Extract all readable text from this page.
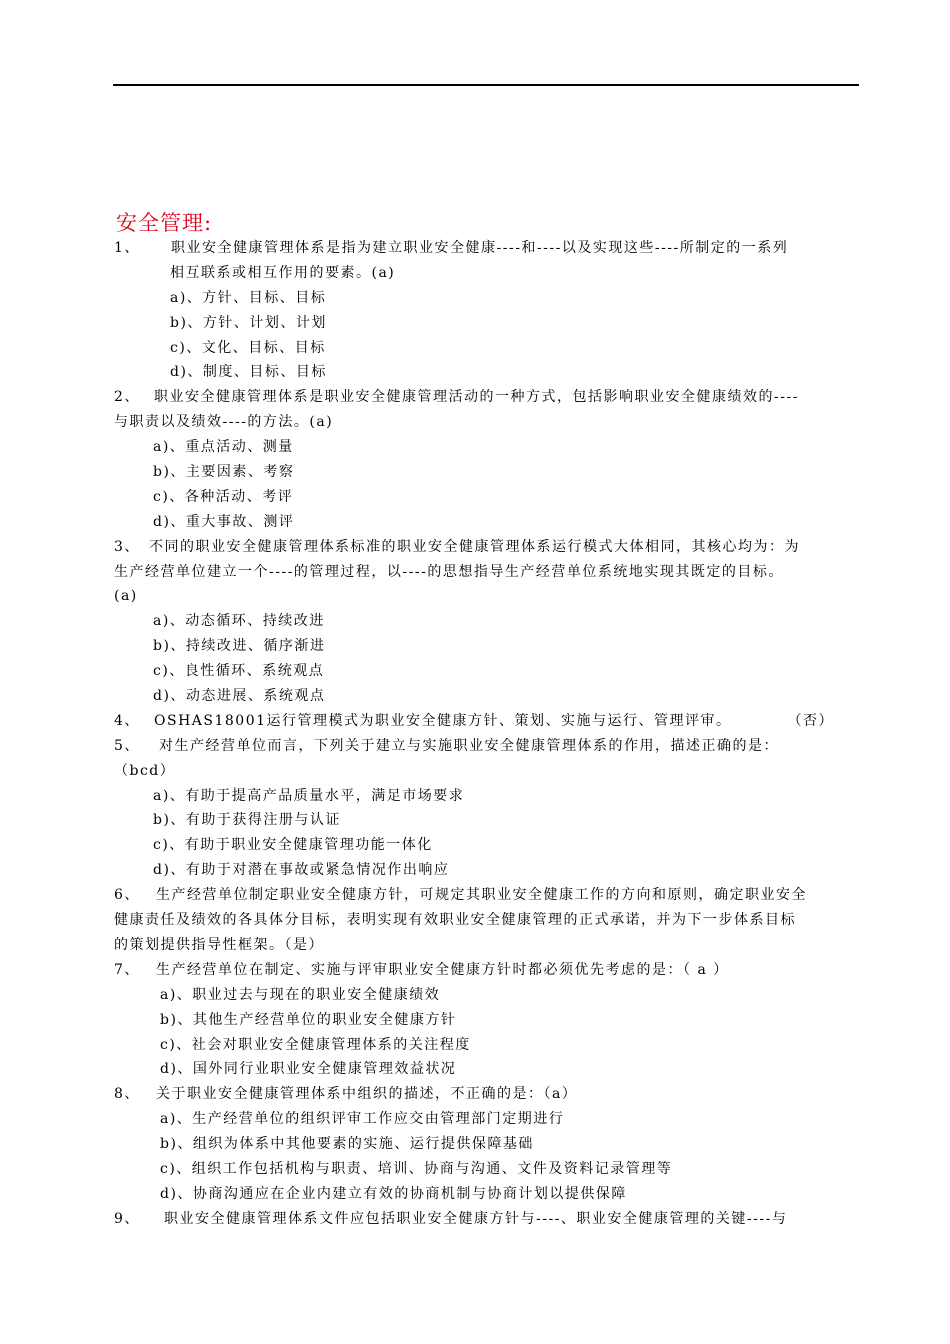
安全管理:
1、 职业安全健康管理体系是指为建立职业安全健康----和----以及实现这些----所制定的一系列
相互联系或相互作用的要素。(a)
a)、方针、目标、目标
b)、方针、计划、计划
c)、文化、目标、目标
d)、制度、目标、目标
2、 职业安全健康管理体系是职业安全健康管理活动的一种方式，包括影响职业安全健康绩效的----
与职责以及绩效----的方法。(a)
a)、重点活动、测量
b)、主要因素、考察
c)、各种活动、考评
d)、重大事故、测评
3、 不同的职业安全健康管理体系标准的职业安全健康管理体系运行模式大体相同，其核心均为：为
生产经营单位建立一个----的管理过程，以----的思想指导生产经营单位系统地实现其既定的目标。
(a)
a)、动态循环、持续改进
b)、持续改进、循序渐进
c)、良性循环、系统观点
d)、动态进展、系统观点
4、 OSHAS18001运行管理模式为职业安全健康方针、策划、实施与运行、管理评审。	（否）
5、 对生产经营单位而言，下列关于建立与实施职业安全健康管理体系的作用，描述正确的是：
（bcd）
a)、有助于提高产品质量水平，满足市场要求
b)、有助于获得注册与认证
c)、有助于职业安全健康管理功能一体化
d)、有助于对潜在事故或紧急情况作出响应
6、 生产经营单位制定职业安全健康方针，可规定其职业安全健康工作的方向和原则，确定职业安全
健康责任及绩效的各具体分目标，表明实现有效职业安全健康管理的正式承诺，并为下一步体系目标
的策划提供指导性框架。（是）
7、 生产经营单位在制定、实施与评审职业安全健康方针时都必须优先考虑的是：（ a ）
a)、职业过去与现在的职业安全健康绩效
b)、其他生产经营单位的职业安全健康方针
c)、社会对职业安全健康管理体系的关注程度
d)、国外同行业职业安全健康管理效益状况
8、 关于职业安全健康管理体系中组织的描述，不正确的是：（a）
a)、生产经营单位的组织评审工作应交由管理部门定期进行
b)、组织为体系中其他要素的实施、运行提供保障基础
c)、组织工作包括机构与职责、培训、协商与沟通、文件及资料记录管理等
d)、协商沟通应在企业内建立有效的协商机制与协商计划以提供保障
9、 职业安全健康管理体系文件应包括职业安全健康方针与----、职业安全健康管理的关键----与
